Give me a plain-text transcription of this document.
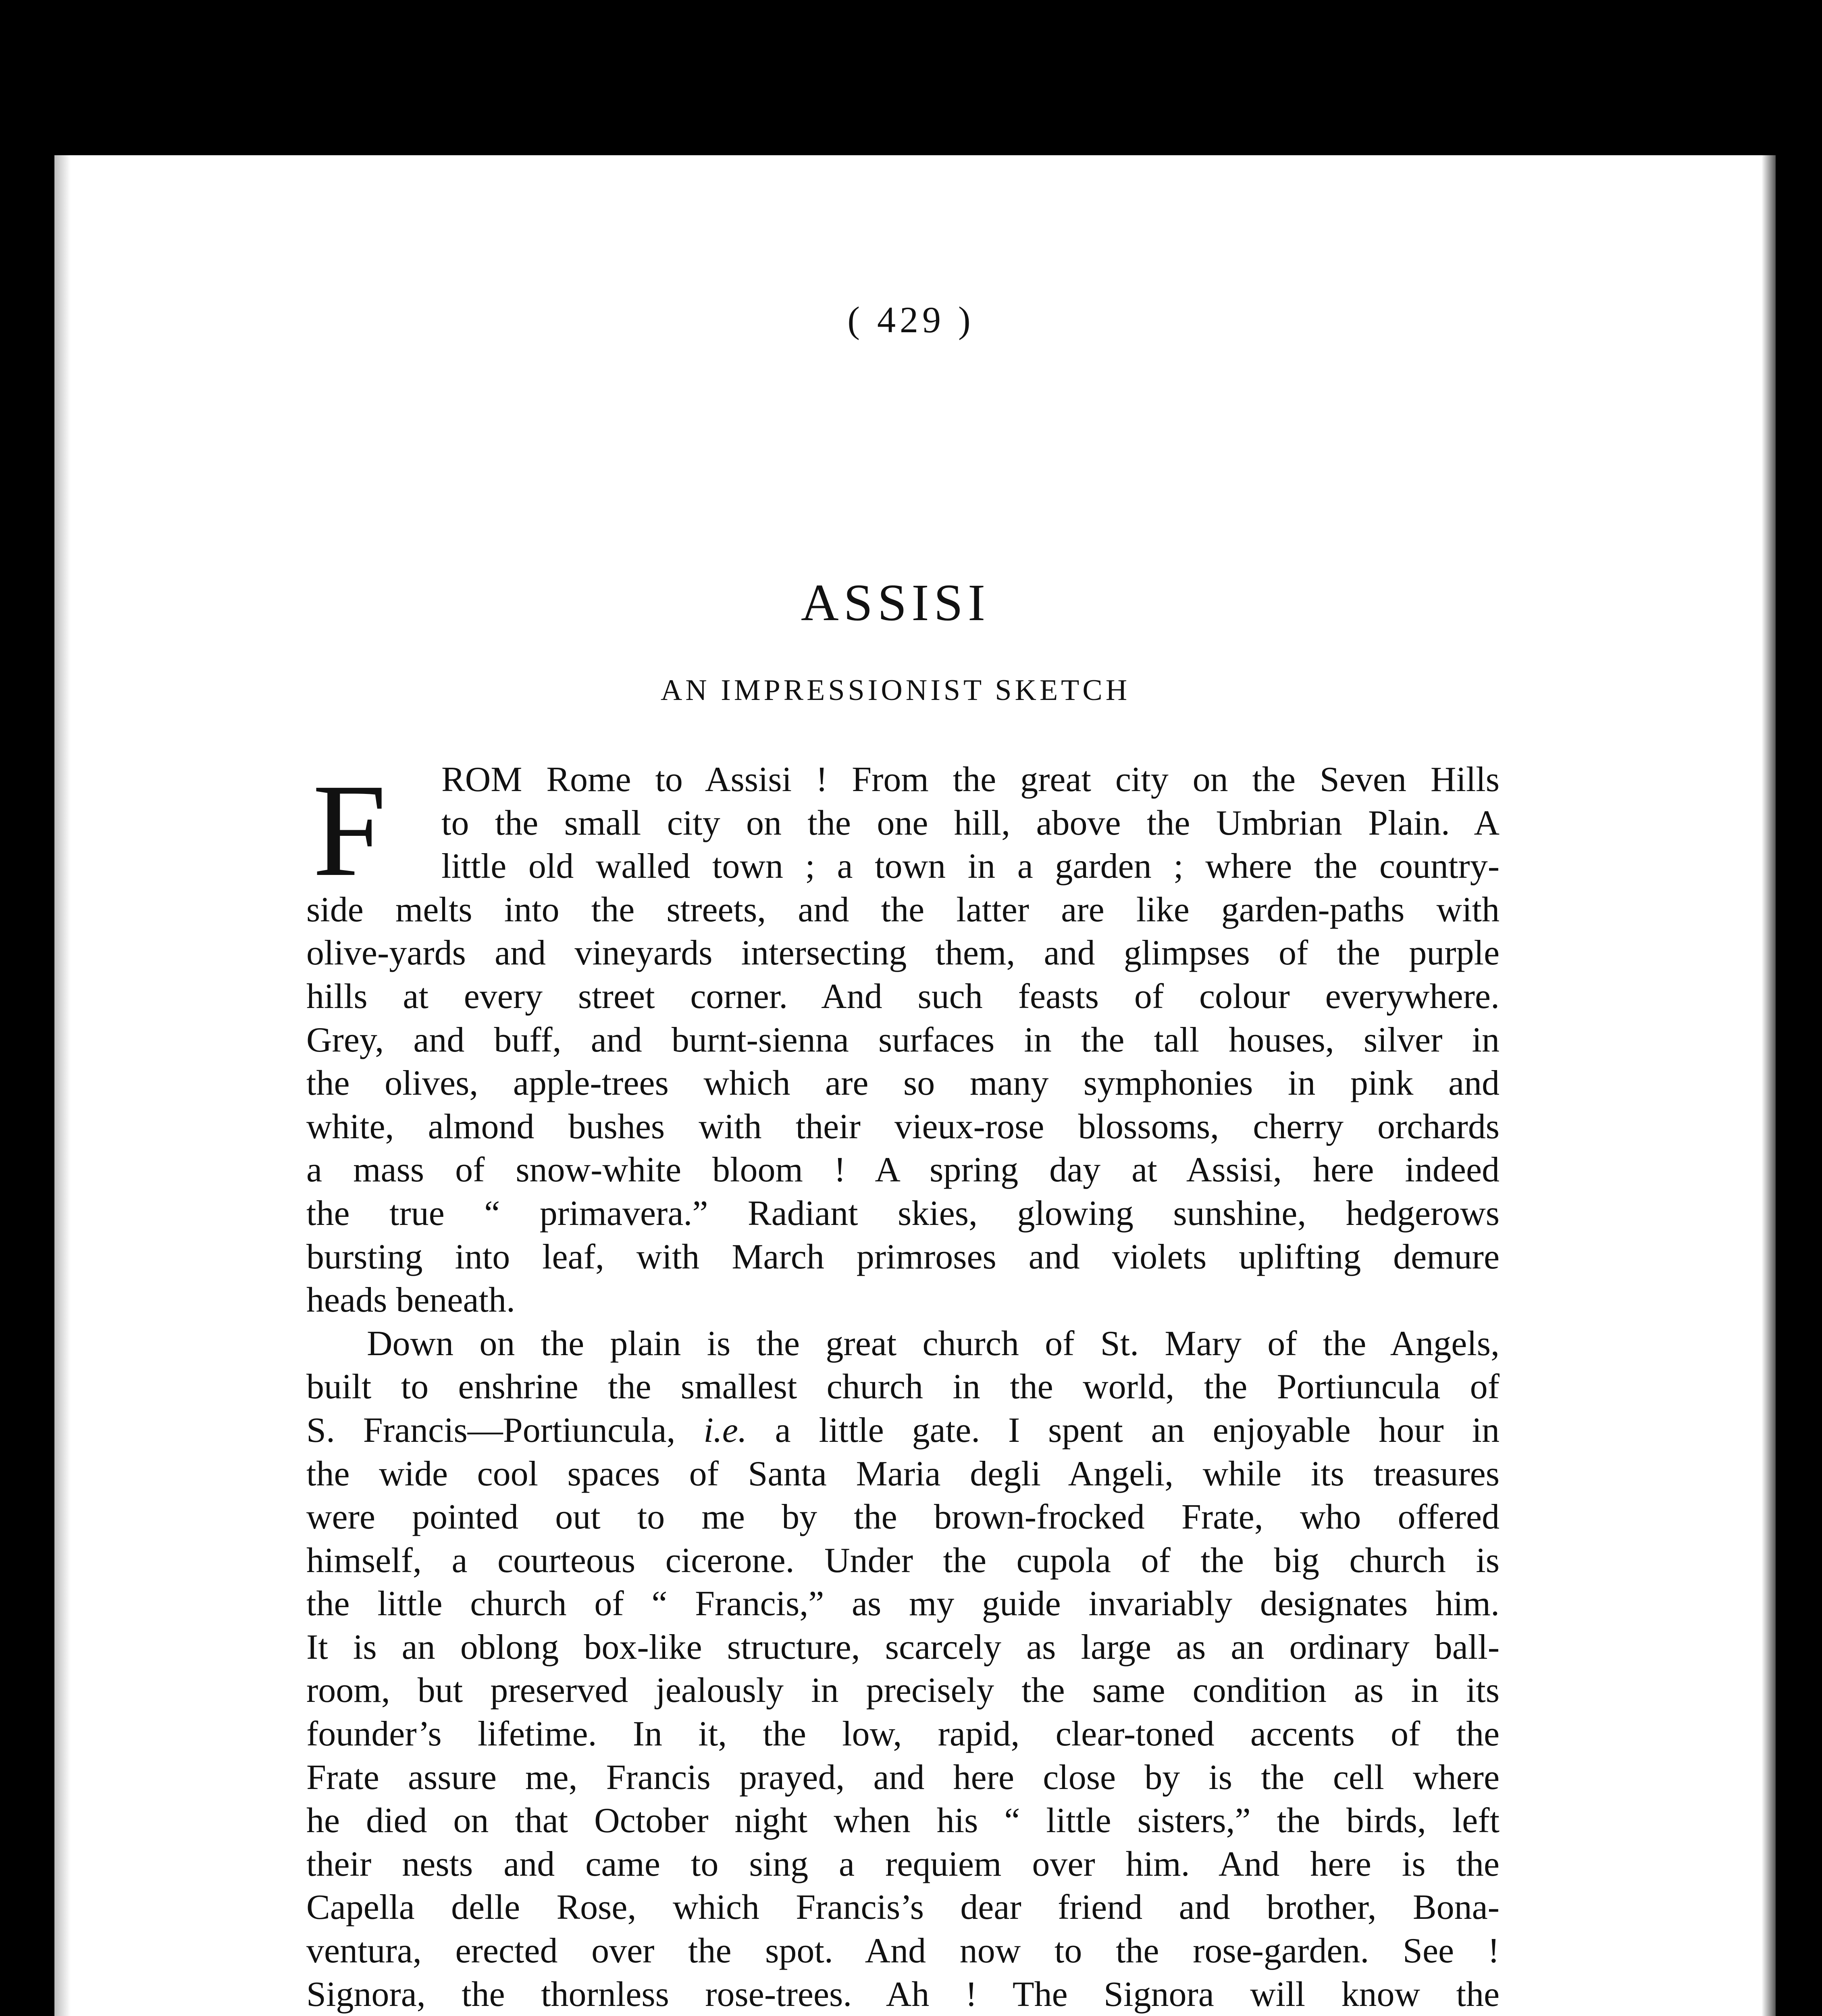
( 429 )
ASSISI
AN IMPRESSIONIST SKETCH
F	ROM Rome to Assisi ! From the great city on the Seven Hills
to the small city on the one hill, above the Umbrian Plain. A
little old walled town ; a town in a garden ; where the country-
side melts into the streets, and the latter are like garden-paths with
olive-yards and vineyards intersecting them, and glimpses of the purple
hills at every street corner. And such feasts of colour everywhere.
Grey, and buff, and burnt-sienna surfaces in the tall houses, silver in
the olives, apple-trees which are so many symphonies in pink and
white, almond bushes with their vieux-rose blossoms, cherry orchards
a mass of snow-white bloom ! A spring day at Assisi, here indeed
the true “ primavera.” Radiant skies, glowing sunshine, hedgerows
bursting into leaf, with March primroses and violets uplifting demure
heads beneath.
Down on the plain is the great church of St. Mary of the Angels,
built to enshrine the smallest church in the world, the Portiuncula of
S. Francis—Portiuncula, i.e. a little gate. I spent an enjoyable hour in
the wide cool spaces of Santa Maria degli Angeli, while its treasures
were pointed out to me by the brown-frocked Frate, who offered
himself, a courteous cicerone. Under the cupola of the big church is
the little church of “ Francis,” as my guide invariably designates him.
It is an oblong box-like structure, scarcely as large as an ordinary ball-
room, but preserved jealously in precisely the same condition as in its
founder’s lifetime. In it, the low, rapid, clear-toned accents of the
Frate assure me, Francis prayed, and here close by is the cell where
he died on that October night when his “ little sisters,” the birds, left
their nests and came to sing a requiem over him. And here is the
Capella delle Rose, which Francis’s dear friend and brother, Bona-
ventura, erected over the spot. And now to the rose-garden. See !
Signora, the thornless rose-trees. Ah ! The Signora will know the
